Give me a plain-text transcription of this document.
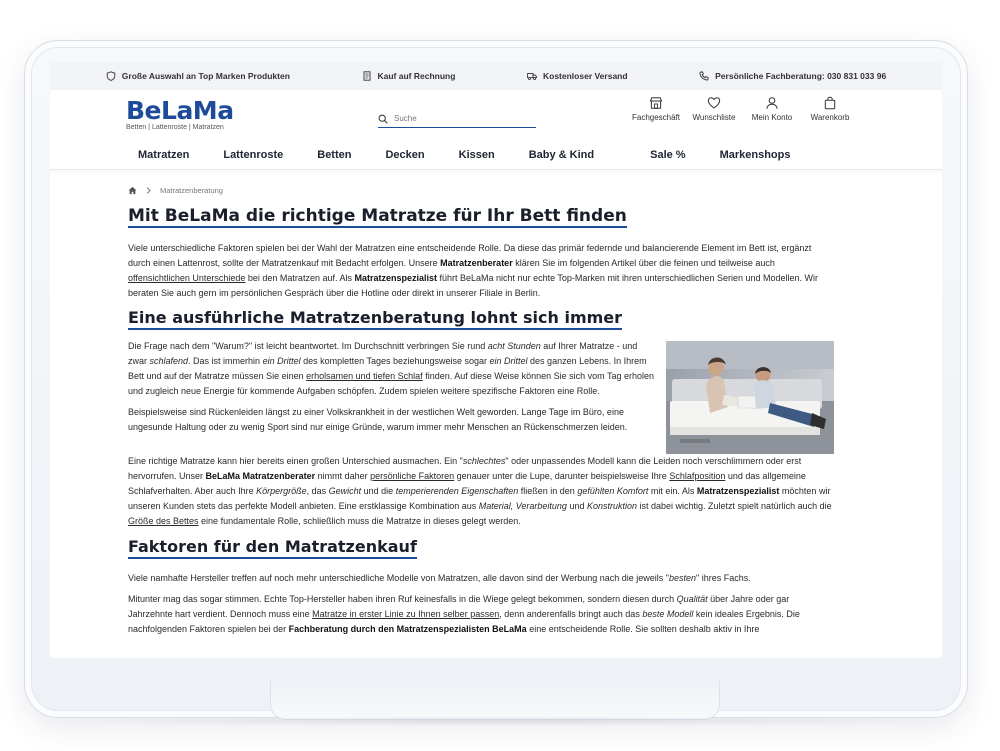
Große Auswahl an Top Marken Produkten	Kauf auf Rechnung	Kostenloser Versand	Persönliche Fachberatung: 030 831 033 96
BeLaMa
Betten | Lattenroste | Matratzen
Suche
Fachgeschäft Wunschliste Mein Konto Warenkorb
Matratzen	Lattenroste	Betten	Decken	Kissen	Baby & Kind	Sale %	Markenshops
Matratzenberatung
Mit BeLaMa die richtige Matratze für Ihr Bett finden

Viele unterschiedliche Faktoren spielen bei der Wahl der Matratzen eine entscheidende Rolle. Da diese das primär federnde und balancierende Element im Bett ist, ergänzt durch einen Lattenrost, sollte der Matratzenkauf mit Bedacht erfolgen. Unsere Matratzenberater klären Sie im folgenden Artikel über die feinen und teilweise auch offensichtlichen Unterschiede bei den Matratzen auf. Als Matratzenspezialist führt BeLaMa nicht nur echte Top-Marken mit ihren unterschiedlichen Serien und Modellen. Wir beraten Sie auch gern im persönlichen Gespräch über die Hotline oder direkt in unserer Filiale in Berlin.

Eine ausführliche Matratzenberatung lohnt sich immer

Die Frage nach dem "Warum?" ist leicht beantwortet. Im Durchschnitt verbringen Sie rund acht Stunden auf Ihrer Matratze - und zwar schlafend. Das ist immerhin ein Drittel des kompletten Tages beziehungsweise sogar ein Drittel des ganzen Lebens. In Ihrem Bett und auf der Matratze müssen Sie einen erholsamen und tiefen Schlaf finden. Auf diese Weise können Sie sich vom Tag erholen und zugleich neue Energie für kommende Aufgaben schöpfen. Zudem spielen weitere spezifische Faktoren eine Rolle.

Beispielsweise sind Rückenleiden längst zu einer Volkskrankheit in der westlichen Welt geworden. Lange Tage im Büro, eine ungesunde Haltung oder zu wenig Sport sind nur einige Gründe, warum immer mehr Menschen an Rückenschmerzen leiden.

Eine richtige Matratze kann hier bereits einen großen Unterschied ausmachen. Ein "schlechtes" oder unpassendes Modell kann die Leiden noch verschlimmern oder erst hervorrufen. Unser BeLaMa Matratzenberater nimmt daher persönliche Faktoren genauer unter die Lupe, darunter beispielsweise Ihre Schlafposition und das allgemeine Schlafverhalten. Aber auch Ihre Körpergröße, das Gewicht und die temperierenden Eigenschaften fließen in den gefühlten Komfort mit ein. Als Matratzenspezialist möchten wir unseren Kunden stets das perfekte Modell anbieten. Eine erstklassige Kombination aus Material, Verarbeitung und Konstruktion ist dabei wichtig. Zuletzt spielt natürlich auch die Größe des Bettes eine fundamentale Rolle, schließlich muss die Matratze in dieses gelegt werden.

Faktoren für den Matratzenkauf

Viele namhafte Hersteller treffen auf noch mehr unterschiedliche Modelle von Matratzen, alle davon sind der Werbung nach die jeweils "besten" ihres Fachs.

Mitunter mag das sogar stimmen. Echte Top-Hersteller haben ihren Ruf keinesfalls in die Wiege gelegt bekommen, sondern diesen durch Qualität über Jahre oder gar Jahrzehnte hart verdient. Dennoch muss eine Matratze in erster Linie zu Ihnen selber passen, denn anderenfalls bringt auch das beste Modell kein ideales Ergebnis. Die nachfolgenden Faktoren spielen bei der Fachberatung durch den Matratzenspezialisten BeLaMa eine entscheidende Rolle. Sie sollten deshalb aktiv in Ihre
